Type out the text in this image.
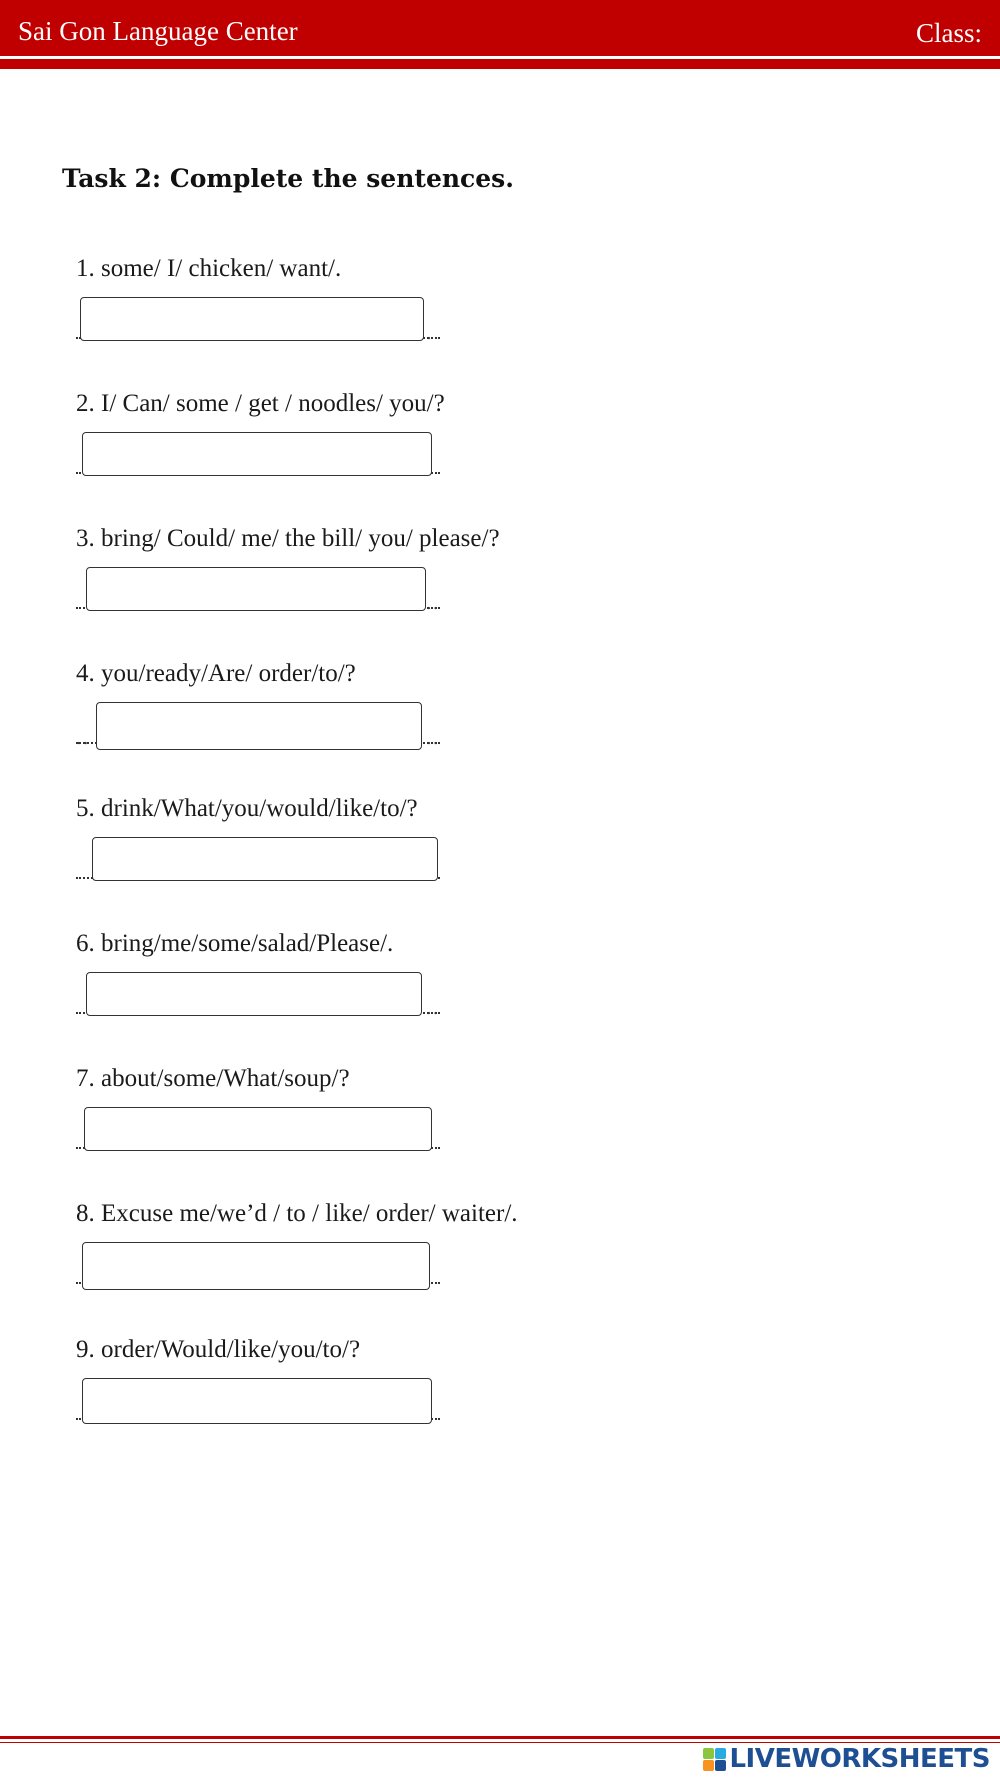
Sai Gon Language Center	Class:
Task 2: Complete the sentences.
1. some/ I/ chicken/ want/.
.
2. I/ Can/ some / get / noodles/ you/?
3. bring/ Could/ me/ the bill/ you/ please/?
..
4. you/ready/Are/ order/to/?
..	..
5. drink/What/you/would/like/to/?
6. bring/me/some/salad/Please/.
..
7. about/some/What/soup/?
8. Excuse me/we’d / to / like/ order/ waiter/.
9. order/Would/like/you/to/?
LIVEWORKSHEETS
